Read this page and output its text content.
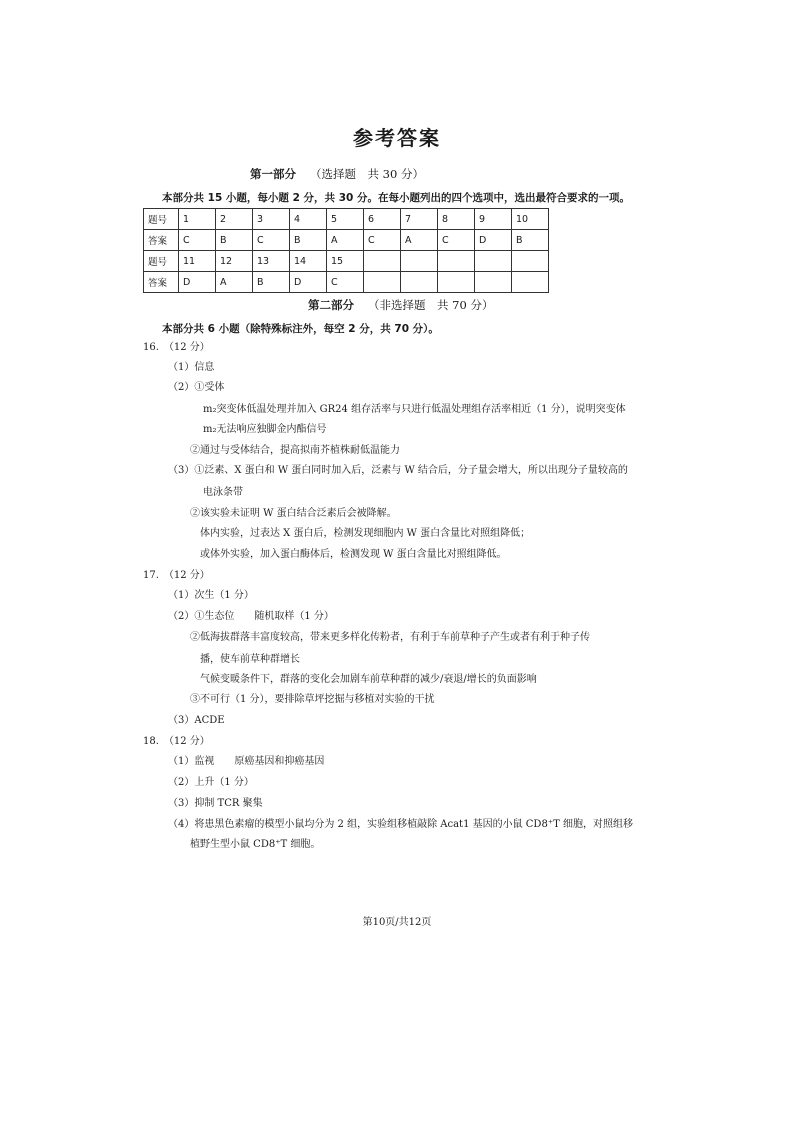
参考答案
第一部分 （选择题　共 30 分）
本部分共 15 小题，每小题 2 分，共 30 分。在每小题列出的四个选项中，选出最符合要求的一项。
题号	1	2	3	4	5	6	7	8	9	10
答案	C	B	C	B	A	C	A	C	D	B
题号	11	12	13	14	15					
答案	D	A	B	D	C					
第二部分 （非选择题　共 70 分）
本部分共 6 小题（除特殊标注外，每空 2 分，共 70 分）。
16.　（12 分）
（1）信息
（2）①受体
m₂突变体低温处理并加入 GR24 组存活率与只进行低温处理组存活率相近（1 分），说明突变体
m₂无法响应独脚金内酯信号
②通过与受体结合，提高拟南芥植株耐低温能力
（3）①泛素、X 蛋白和 W 蛋白同时加入后，泛素与 W 结合后，分子量会增大，所以出现分子量较高的
电泳条带
②该实验未证明 W 蛋白结合泛素后会被降解。
体内实验，过表达 X 蛋白后，检测发现细胞内 W 蛋白含量比对照组降低；
或体外实验，加入蛋白酶体后，检测发现 W 蛋白含量比对照组降低。
17.　（12 分）
（1）次生（1 分）
（2）①生态位　　随机取样（1 分）
②低海拔群落丰富度较高，带来更多样化传粉者，有利于车前草种子产生或者有利于种子传
播，使车前草种群增长
气候变暖条件下，群落的变化会加剧车前草种群的减少/衰退/增长的负面影响
③不可行（1 分），要排除草坪挖掘与移植对实验的干扰
（3）ACDE
18.　（12 分）
（1）监视　　原癌基因和抑癌基因
（2）上升（1 分）
（3）抑制 TCR 聚集
（4）将患黑色素瘤的模型小鼠均分为 2 组，实验组移植敲除 Acat1 基因的小鼠 CD8⁺T 细胞，对照组移
植野生型小鼠 CD8⁺T 细胞。
第10页/共12页
